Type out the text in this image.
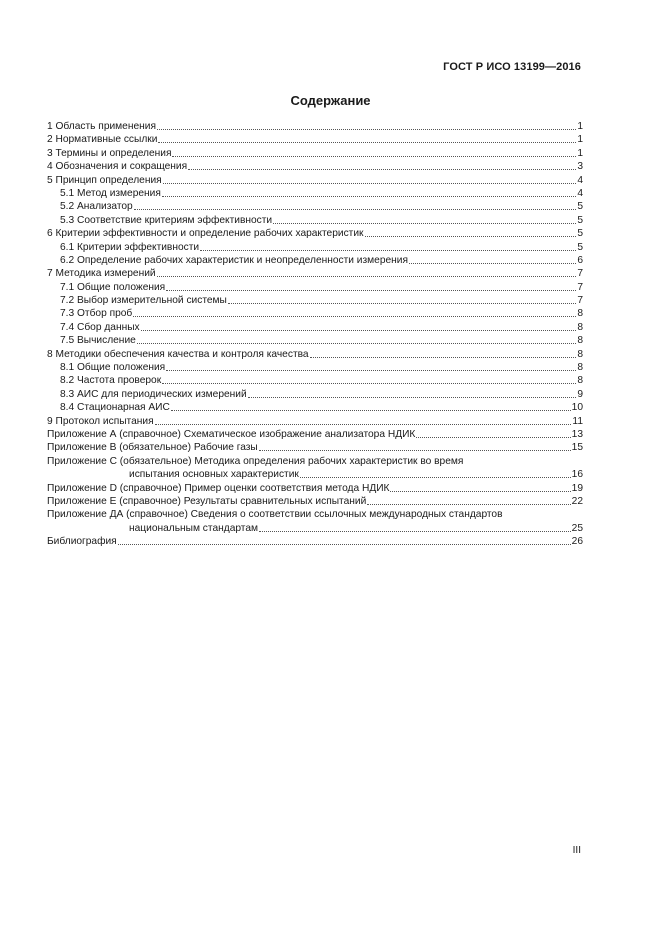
ГОСТ Р ИСО 13199—2016
Содержание
1 Область применения	1
2 Нормативные ссылки	1
3 Термины и определения	1
4 Обозначения и сокращения	3
5 Принцип определения	4
5.1 Метод измерения	4
5.2 Анализатор	5
5.3 Соответствие критериям эффективности	5
6 Критерии эффективности и определение рабочих характеристик	5
6.1 Критерии эффективности	5
6.2 Определение рабочих характеристик и неопределенности измерения	6
7 Методика измерений	7
7.1 Общие положения	7
7.2 Выбор измерительной системы	7
7.3 Отбор проб	8
7.4 Сбор данных	8
7.5 Вычисление	8
8 Методики обеспечения качества и контроля качества	8
8.1 Общие положения	8
8.2 Частота проверок	8
8.3 АИС для периодических измерений	9
8.4 Стационарная АИС	10
9 Протокол испытания	11
Приложение А (справочное) Схематическое изображение анализатора НДИК	13
Приложение В (обязательное) Рабочие газы	15
Приложение С (обязательное) Методика определения рабочих характеристик во время
испытания основных характеристик	16
Приложение D (справочное) Пример оценки соответствия метода НДИК	19
Приложение Е (справочное) Результаты сравнительных испытаний	22
Приложение ДА (справочное) Сведения о соответствии ссылочных международных стандартов
национальным стандартам	25
Библиография	26
III
